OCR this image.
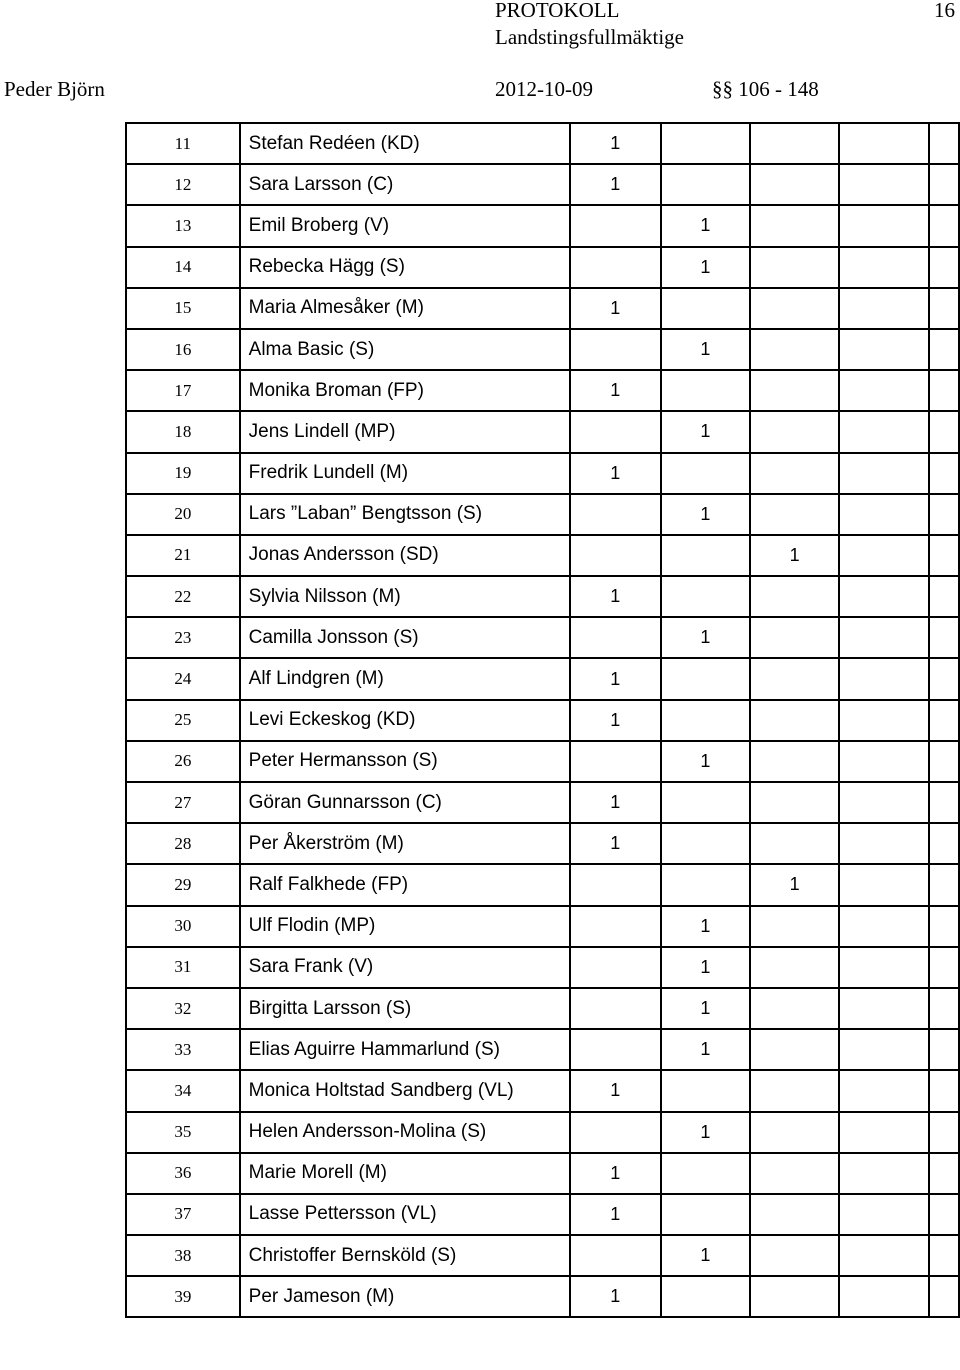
PROTOKOLL	16
Landstingsfullmäktige
Peder Björn	2012-10-09	§§ 106 - 148
11	Stefan Redéen (KD)	1				
12	Sara Larsson (C)	1				
13	Emil Broberg (V)		1			
14	Rebecka Hägg (S)		1			
15	Maria Almesåker (M)	1				
16	Alma Basic (S)		1			
17	Monika Broman (FP)	1				
18	Jens Lindell (MP)		1			
19	Fredrik Lundell (M)	1				
20	Lars ”Laban” Bengtsson (S)		1			
21	Jonas Andersson (SD)			1		
22	Sylvia Nilsson (M)	1				
23	Camilla Jonsson (S)		1			
24	Alf Lindgren (M)	1				
25	Levi Eckeskog (KD)	1				
26	Peter Hermansson (S)		1			
27	Göran Gunnarsson (C)	1				
28	Per Åkerström (M)	1				
29	Ralf Falkhede (FP)			1		
30	Ulf Flodin (MP)		1			
31	Sara Frank (V)		1			
32	Birgitta Larsson (S)		1			
33	Elias Aguirre Hammarlund (S)		1			
34	Monica Holtstad Sandberg (VL)	1				
35	Helen Andersson-Molina (S)		1			
36	Marie Morell (M)	1				
37	Lasse Pettersson (VL)	1				
38	Christoffer Bernsköld (S)		1			
39	Per Jameson (M)	1				
